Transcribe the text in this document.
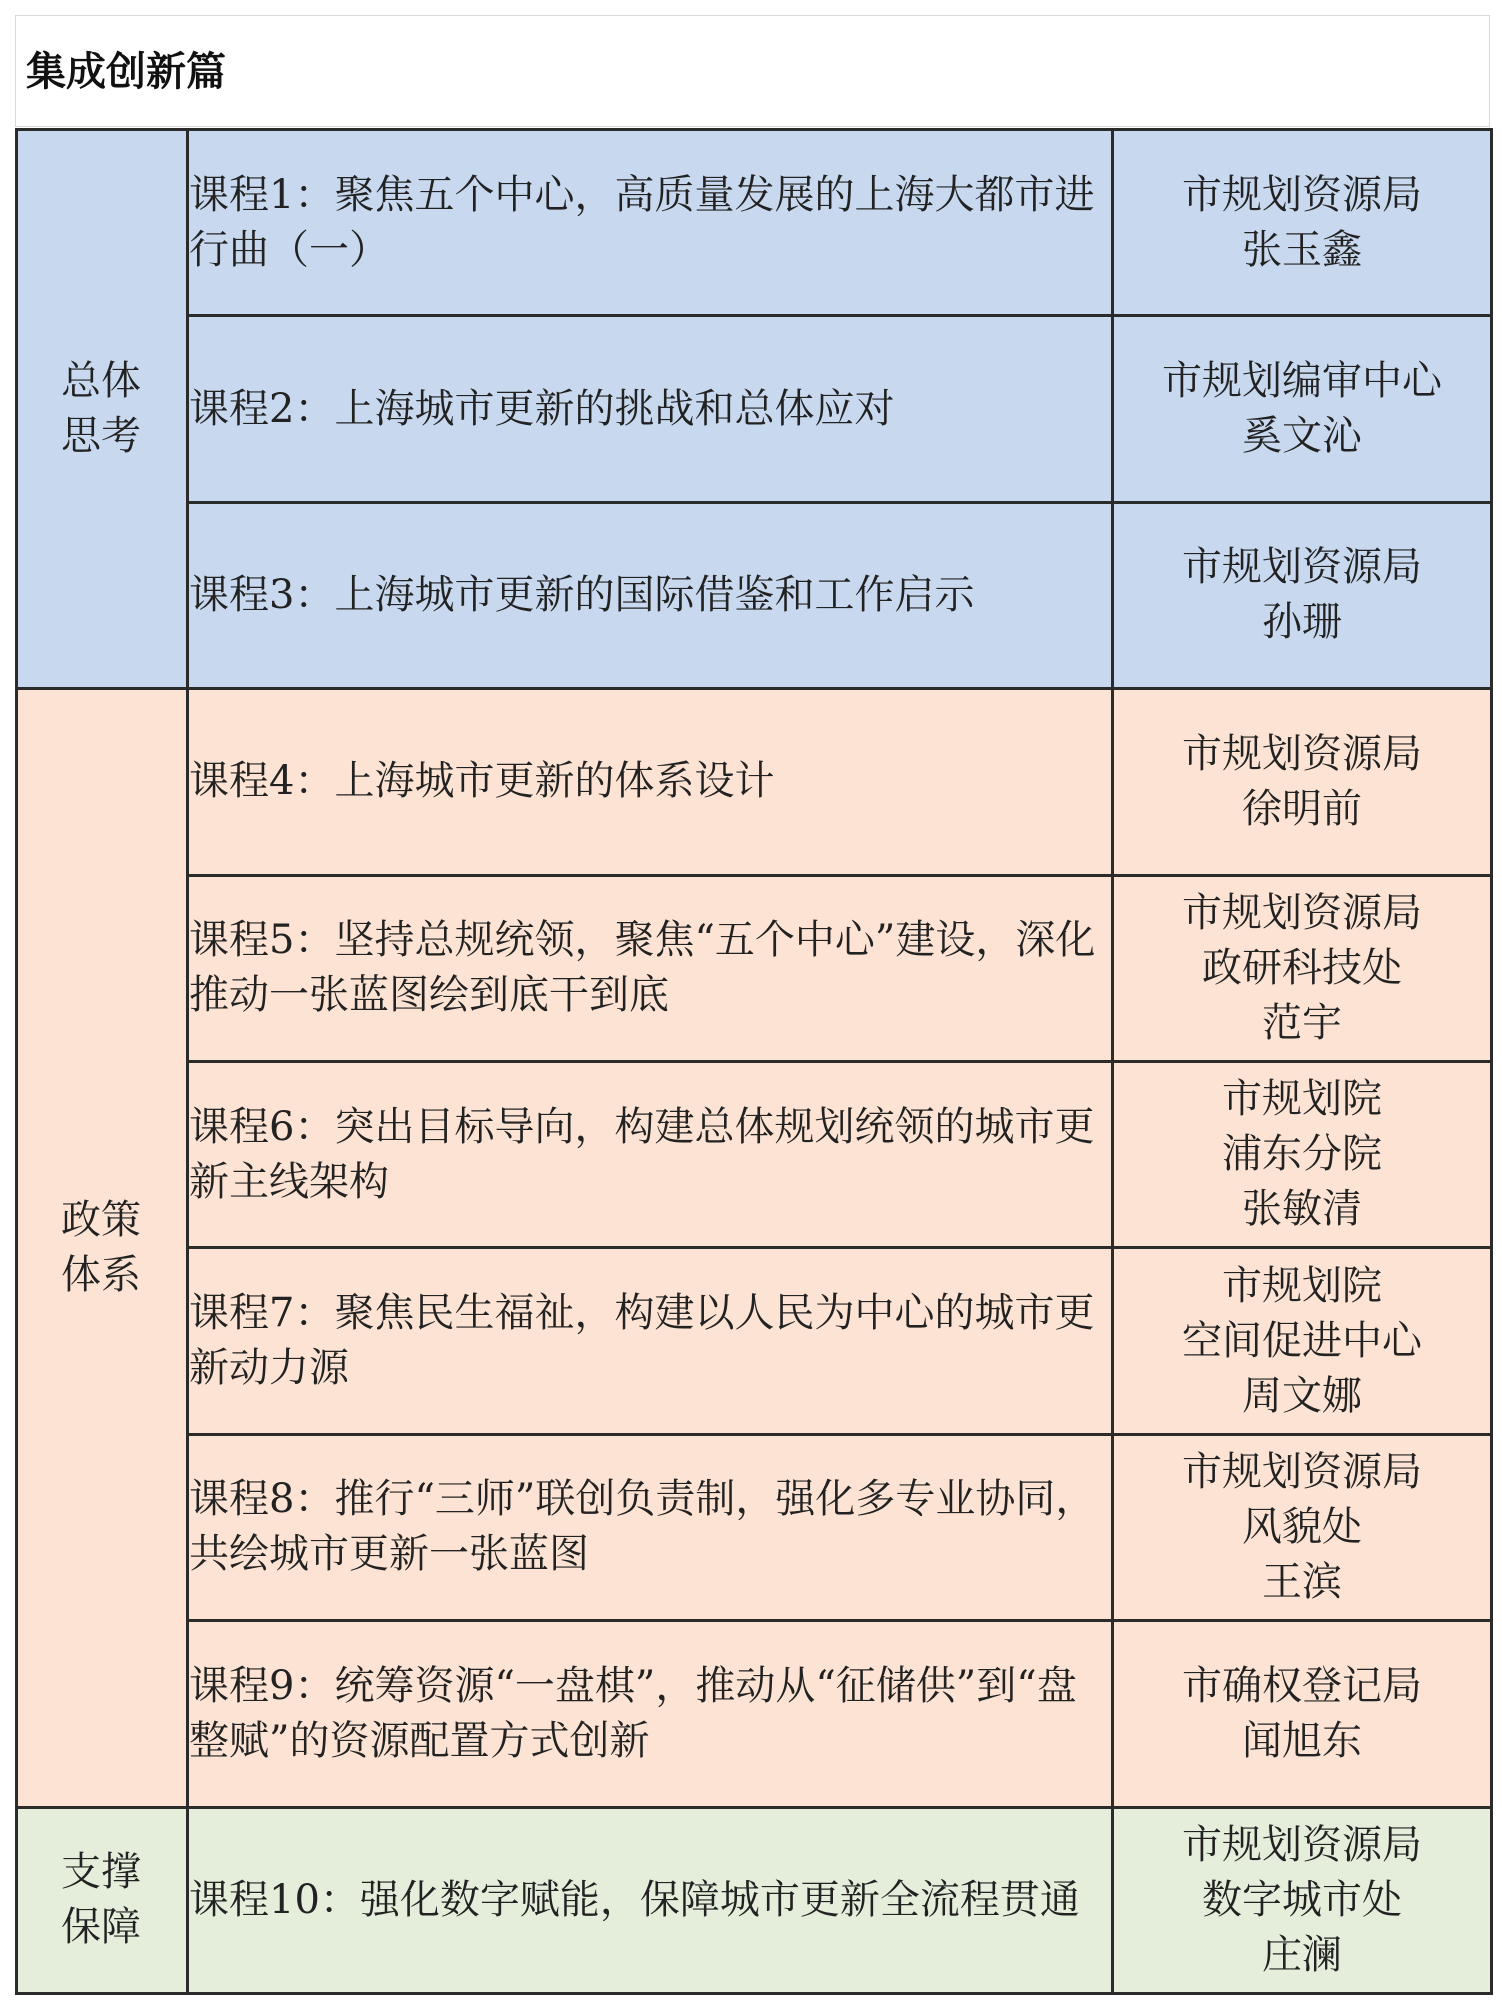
集成创新篇
总体思考	课程1：聚焦五个中心，高质量发展的上海大都市进行曲（一）	市规划资源局
张玉鑫

	课程2：上海城市更新的挑战和总体应对	市规划编审中心
奚文沁

	课程3：上海城市更新的国际借鉴和工作启示	市规划资源局
孙珊

政策体系	课程4：上海城市更新的体系设计	市规划资源局
徐明前

	课程5：坚持总规统领，聚焦“五个中心”建设，深化推动一张蓝图绘到底干到底	市规划资源局
政研科技处
范宇

	课程6：突出目标导向，构建总体规划统领的城市更新主线架构	市规划院
浦东分院
张敏清

	课程7：聚焦民生福祉，构建以人民为中心的城市更新动力源	市规划院
空间促进中心
周文娜

	课程8：推行“三师”联创负责制，强化多专业协同，共绘城市更新一张蓝图	市规划资源局
风貌处
王滨

	课程9：统筹资源“一盘棋”，推动从“征储供”到“盘整赋”的资源配置方式创新	市确权登记局
闻旭东

支撑保障	课程10：强化数字赋能，保障城市更新全流程贯通	市规划资源局
数字城市处
庄澜
